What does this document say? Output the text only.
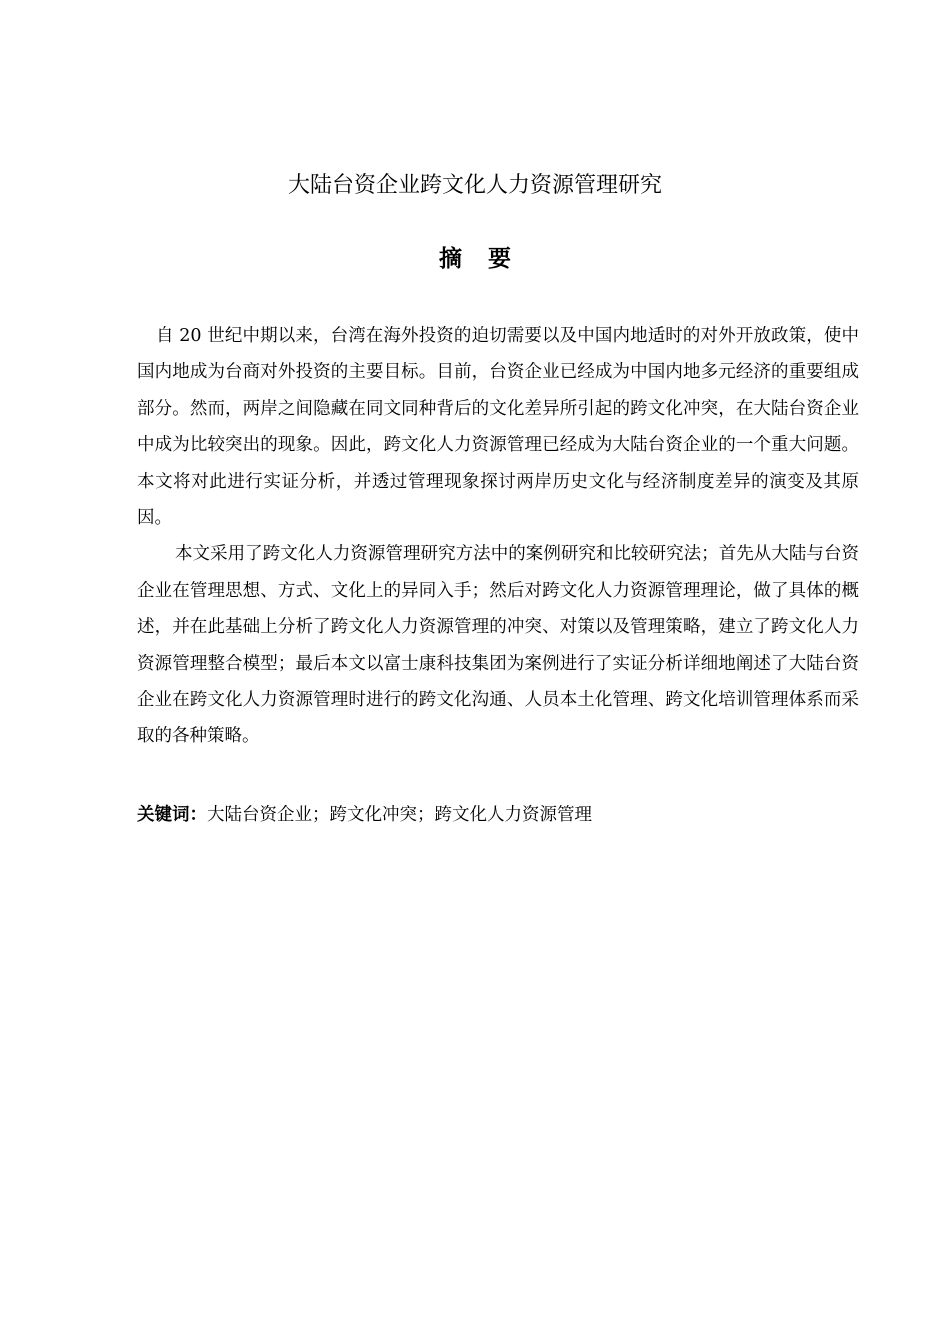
大陆台资企业跨文化人力资源管理研究
摘要

自 20 世纪中期以来，台湾在海外投资的迫切需要以及中国内地适时的对外开放政策，使中国内地成为台商对外投资的主要目标。目前，台资企业已经成为中国内地多元经济的重要组成部分。然而，两岸之间隐藏在同文同种背后的文化差异所引起的跨文化冲突，在大陆台资企业中成为比较突出的现象。因此，跨文化人力资源管理已经成为大陆台资企业的一个重大问题。本文将对此进行实证分析，并透过管理现象探讨两岸历史文化与经济制度差异的演变及其原因。

本文采用了跨文化人力资源管理研究方法中的案例研究和比较研究法；首先从大陆与台资企业在管理思想、方式、文化上的异同入手；然后对跨文化人力资源管理理论，做了具体的概述，并在此基础上分析了跨文化人力资源管理的冲突、对策以及管理策略，建立了跨文化人力资源管理整合模型；最后本文以富士康科技集团为案例进行了实证分析详细地阐述了大陆台资企业在跨文化人力资源管理时进行的跨文化沟通、人员本土化管理、跨文化培训管理体系而采取的各种策略。

关键词：大陆台资企业；跨文化冲突；跨文化人力资源管理
